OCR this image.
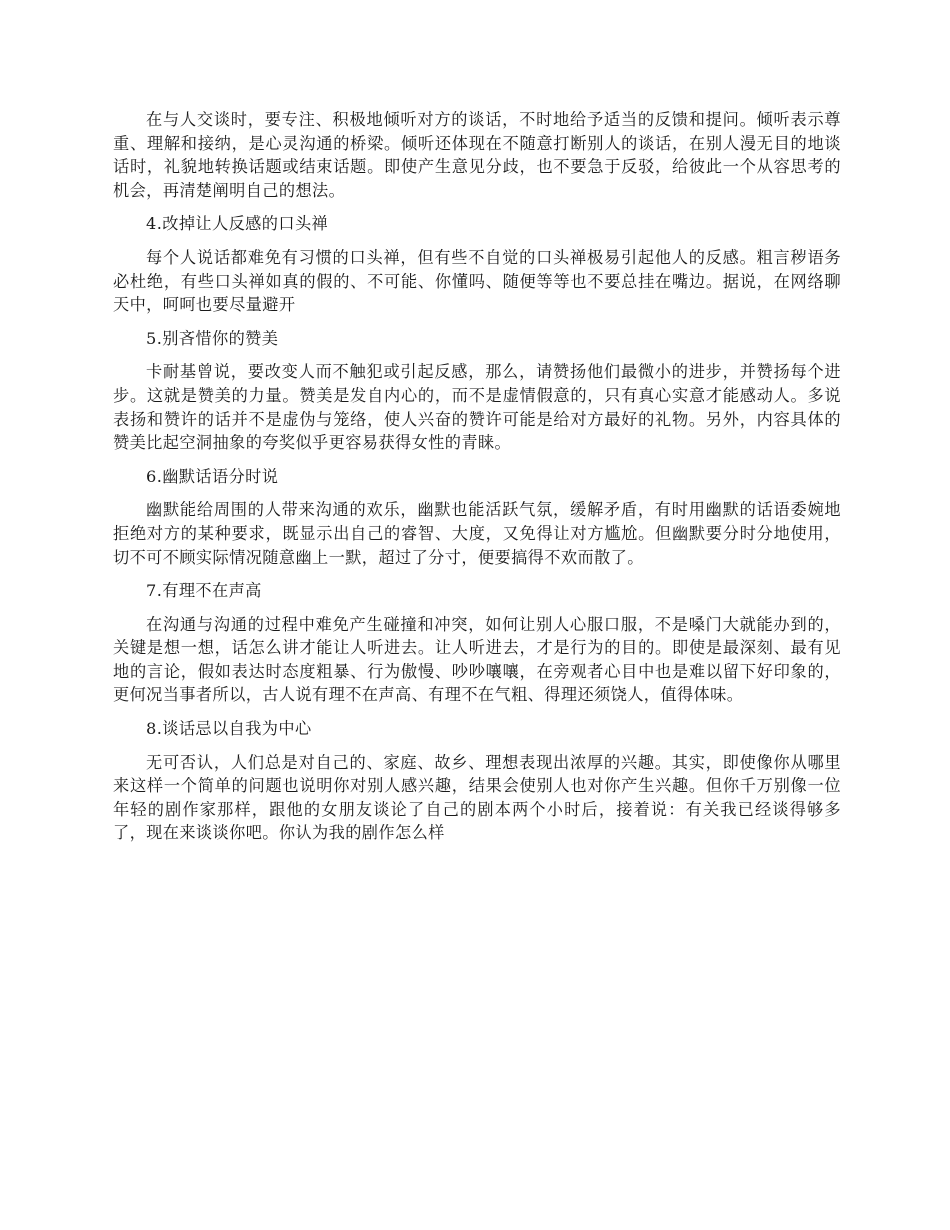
在与人交谈时，要专注、积极地倾听对方的谈话，不时地给予适当的反馈和提问。倾听表示尊重、理解和接纳，是心灵沟通的桥梁。倾听还体现在不随意打断别人的谈话，在别人漫无目的地谈话时，礼貌地转换话题或结束话题。即使产生意见分歧，也不要急于反驳，给彼此一个从容思考的机会，再清楚阐明自己的想法。

4.改掉让人反感的口头禅

每个人说话都难免有习惯的口头禅，但有些不自觉的口头禅极易引起他人的反感。粗言秽语务必杜绝，有些口头禅如真的假的、不可能、你懂吗、随便等等也不要总挂在嘴边。据说，在网络聊天中，呵呵也要尽量避开

5.别吝惜你的赞美

卡耐基曾说，要改变人而不触犯或引起反感，那么，请赞扬他们最微小的进步，并赞扬每个进步。这就是赞美的力量。赞美是发自内心的，而不是虚情假意的，只有真心实意才能感动人。多说表扬和赞许的话并不是虚伪与笼络，使人兴奋的赞许可能是给对方最好的礼物。另外，内容具体的赞美比起空洞抽象的夸奖似乎更容易获得女性的青睐。

6.幽默话语分时说

幽默能给周围的人带来沟通的欢乐，幽默也能活跃气氛，缓解矛盾，有时用幽默的话语委婉地拒绝对方的某种要求，既显示出自己的睿智、大度，又免得让对方尴尬。但幽默要分时分地使用，切不可不顾实际情况随意幽上一默，超过了分寸，便要搞得不欢而散了。

7.有理不在声高

在沟通与沟通的过程中难免产生碰撞和冲突，如何让别人心服口服，不是嗓门大就能办到的，关键是想一想，话怎么讲才能让人听进去。让人听进去，才是行为的目的。即使是最深刻、最有见地的言论，假如表达时态度粗暴、行为傲慢、吵吵嚷嚷，在旁观者心目中也是难以留下好印象的，更何况当事者所以，古人说有理不在声高、有理不在气粗、得理还须饶人，值得体味。

8.谈话忌以自我为中心

无可否认，人们总是对自己的、家庭、故乡、理想表现出浓厚的兴趣。其实，即使像你从哪里来这样一个简单的问题也说明你对别人感兴趣，结果会使别人也对你产生兴趣。但你千万别像一位年轻的剧作家那样，跟他的女朋友谈论了自己的剧本两个小时后，接着说：有关我已经谈得够多了，现在来谈谈你吧。你认为我的剧作怎么样
